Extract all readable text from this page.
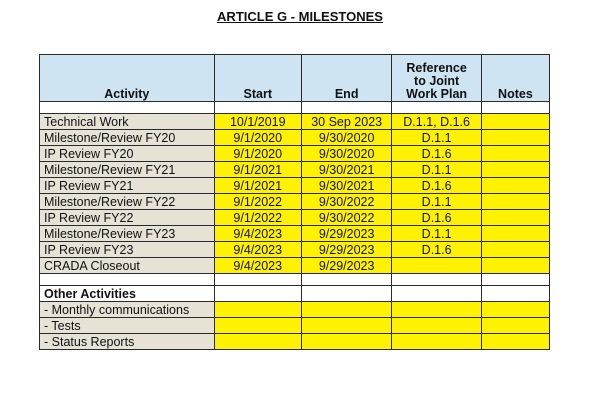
ARTICLE G - MILESTONES
Activity	Start	End	Reference
to Joint
Work Plan	Notes

Technical Work	10/1/2019	30 Sep 2023	D.1.1, D.1.6	
Milestone/Review FY20	9/1/2020	9/30/2020	D.1.1	
IP Review FY20	9/1/2020	9/30/2020	D.1.6	
Milestone/Review FY21	9/1/2021	9/30/2021	D.1.1	
IP Review FY21	9/1/2021	9/30/2021	D.1.6	
Milestone/Review FY22	9/1/2022	9/30/2022	D.1.1	
IP Review FY22	9/1/2022	9/30/2022	D.1.6	
Milestone/Review FY23	9/4/2023	9/29/2023	D.1.1	
IP Review FY23	9/4/2023	9/29/2023	D.1.6	
CRADA Closeout	9/4/2023	9/29/2023		

Other Activities				
- Monthly communications				
- Tests				
- Status Reports				
